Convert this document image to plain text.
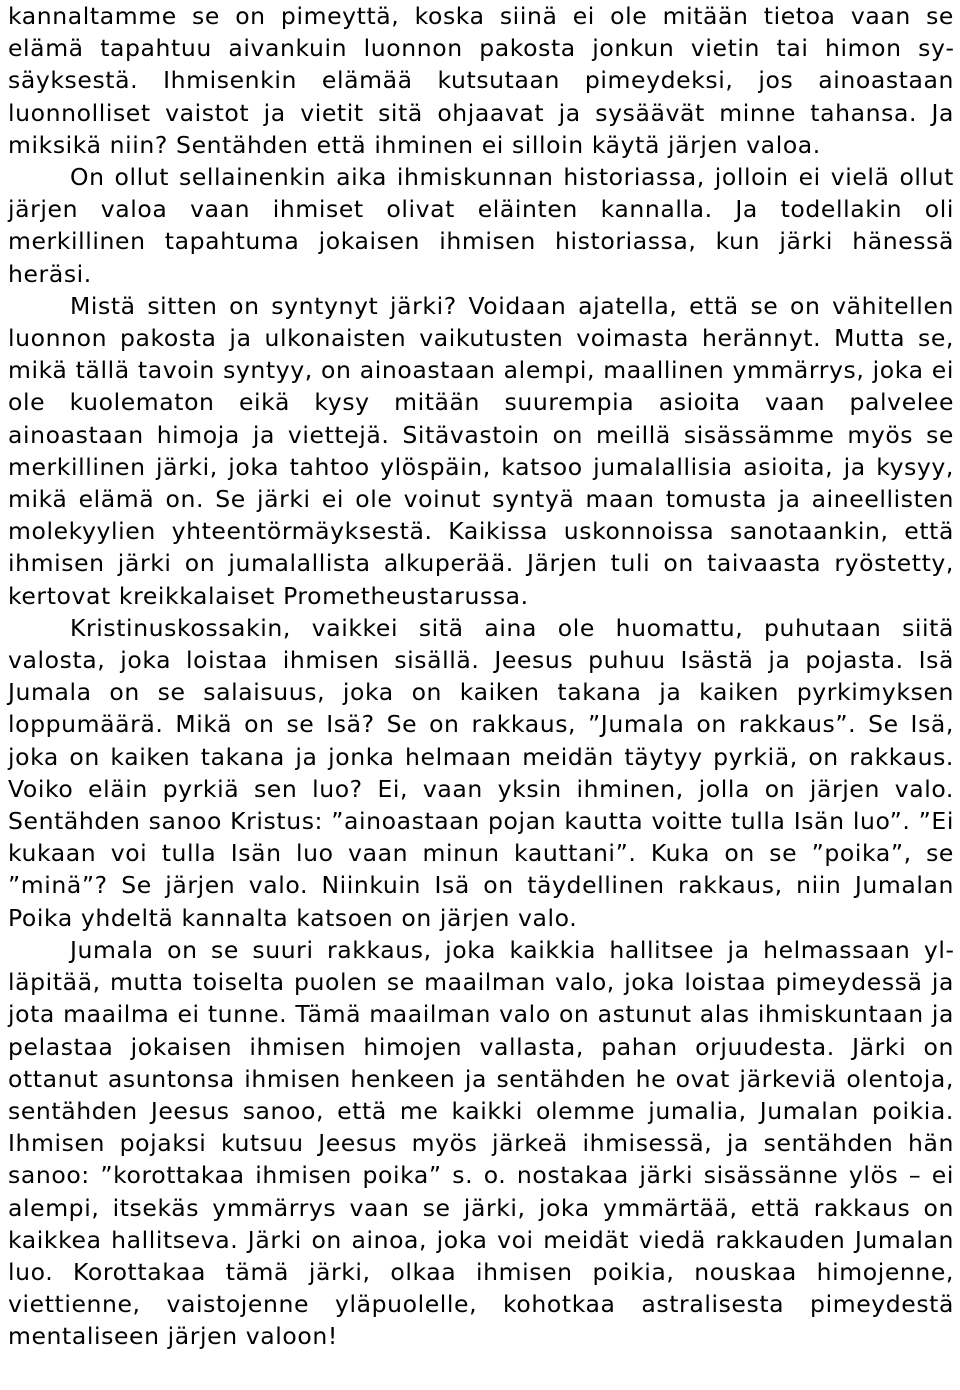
kannaltamme se on pimeyttä, koska siinä ei ole mitään tietoa vaan se elämä tapahtuu aivankuin luonnon pakosta jonkun vietin tai himon sysäyksestä. Ihmisenkin elämää kutsutaan pimeydeksi, jos ainoastaan luonnolliset vaistot ja vietit sitä ohjaavat ja sysäävät minne tahansa. Ja miksikä niin? Sentähden että ihminen ei silloin käytä järjen valoa.

On ollut sellainenkin aika ihmiskunnan historiassa, jolloin ei vielä ollut järjen valoa vaan ihmiset olivat eläinten kannalla. Ja todellakin oli merkillinen tapahtuma jokaisen ihmisen historiassa, kun järki hänessä heräsi.

Mistä sitten on syntynyt järki? Voidaan ajatella, että se on vähitellen luonnon pakosta ja ulkonaisten vaikutusten voimasta herännyt. Mutta se, mikä tällä tavoin syntyy, on ainoastaan alempi, maallinen ymmärrys, joka ei ole kuolematon eikä kysy mitään suurempia asioita vaan palvelee ainoastaan himoja ja viettejä. Sitävastoin on meillä sisässämme myös se merkillinen järki, joka tahtoo ylöspäin, katsoo jumalallisia asioita, ja kysyy, mikä elämä on. Se järki ei ole voinut syntyä maan tomusta ja aineellisten molekyylien yhteentörmäyksestä. Kaikissa uskonnoissa sanotaankin, että ihmisen järki on jumalallista alkuperää. Järjen tuli on taivaasta ryöstetty, kertovat kreikkalaiset Prometheustarussa.

Kristinuskossakin, vaikkei sitä aina ole huomattu, puhutaan siitä valosta, joka loistaa ihmisen sisällä. Jeesus puhuu Isästä ja pojasta. Isä Jumala on se salaisuus, joka on kaiken takana ja kaiken pyrkimyksen loppumäärä. Mikä on se Isä? Se on rakkaus, ”Jumala on rakkaus”. Se Isä, joka on kaiken takana ja jonka helmaan meidän täytyy pyrkiä, on rakkaus. Voiko eläin pyrkiä sen luo? Ei, vaan yksin ihminen, jolla on järjen valo. Sentähden sanoo Kristus: ”ainoastaan pojan kautta voitte tulla Isän luo”. ”Ei kukaan voi tulla Isän luo vaan minun kauttani”. Kuka on se ”poika”, se ”minä”? Se järjen valo. Niinkuin Isä on täydellinen rakkaus, niin Jumalan Poika yhdeltä kannalta katsoen on järjen valo.

Jumala on se suuri rakkaus, joka kaikkia hallitsee ja helmassaan ylläpitää, mutta toiselta puolen se maailman valo, joka loistaa pimeydessä ja jota maailma ei tunne. Tämä maailman valo on astunut alas ihmiskuntaan ja pelastaa jokaisen ihmisen himojen vallasta, pahan orjuudesta. Järki on ottanut asuntonsa ihmisen henkeen ja sentähden he ovat järkeviä olentoja, sentähden Jeesus sanoo, että me kaikki olemme jumalia, Jumalan poikia. Ihmisen pojaksi kutsuu Jeesus myös järkeä ihmisessä, ja sentähden hän sanoo: ”korottakaa ihmisen poika” s. o. nostakaa järki sisässänne ylös – ei alempi, itsekäs ymmärrys vaan se järki, joka ymmärtää, että rakkaus on kaikkea hallitseva. Järki on ainoa, joka voi meidät viedä rakkauden Jumalan luo. Korottakaa tämä järki, olkaa ihmisen poikia, nouskaa himojenne, viettienne, vaistojenne yläpuolelle, kohotkaa astralisesta pimeydestä mentaliseen järjen valoon!
